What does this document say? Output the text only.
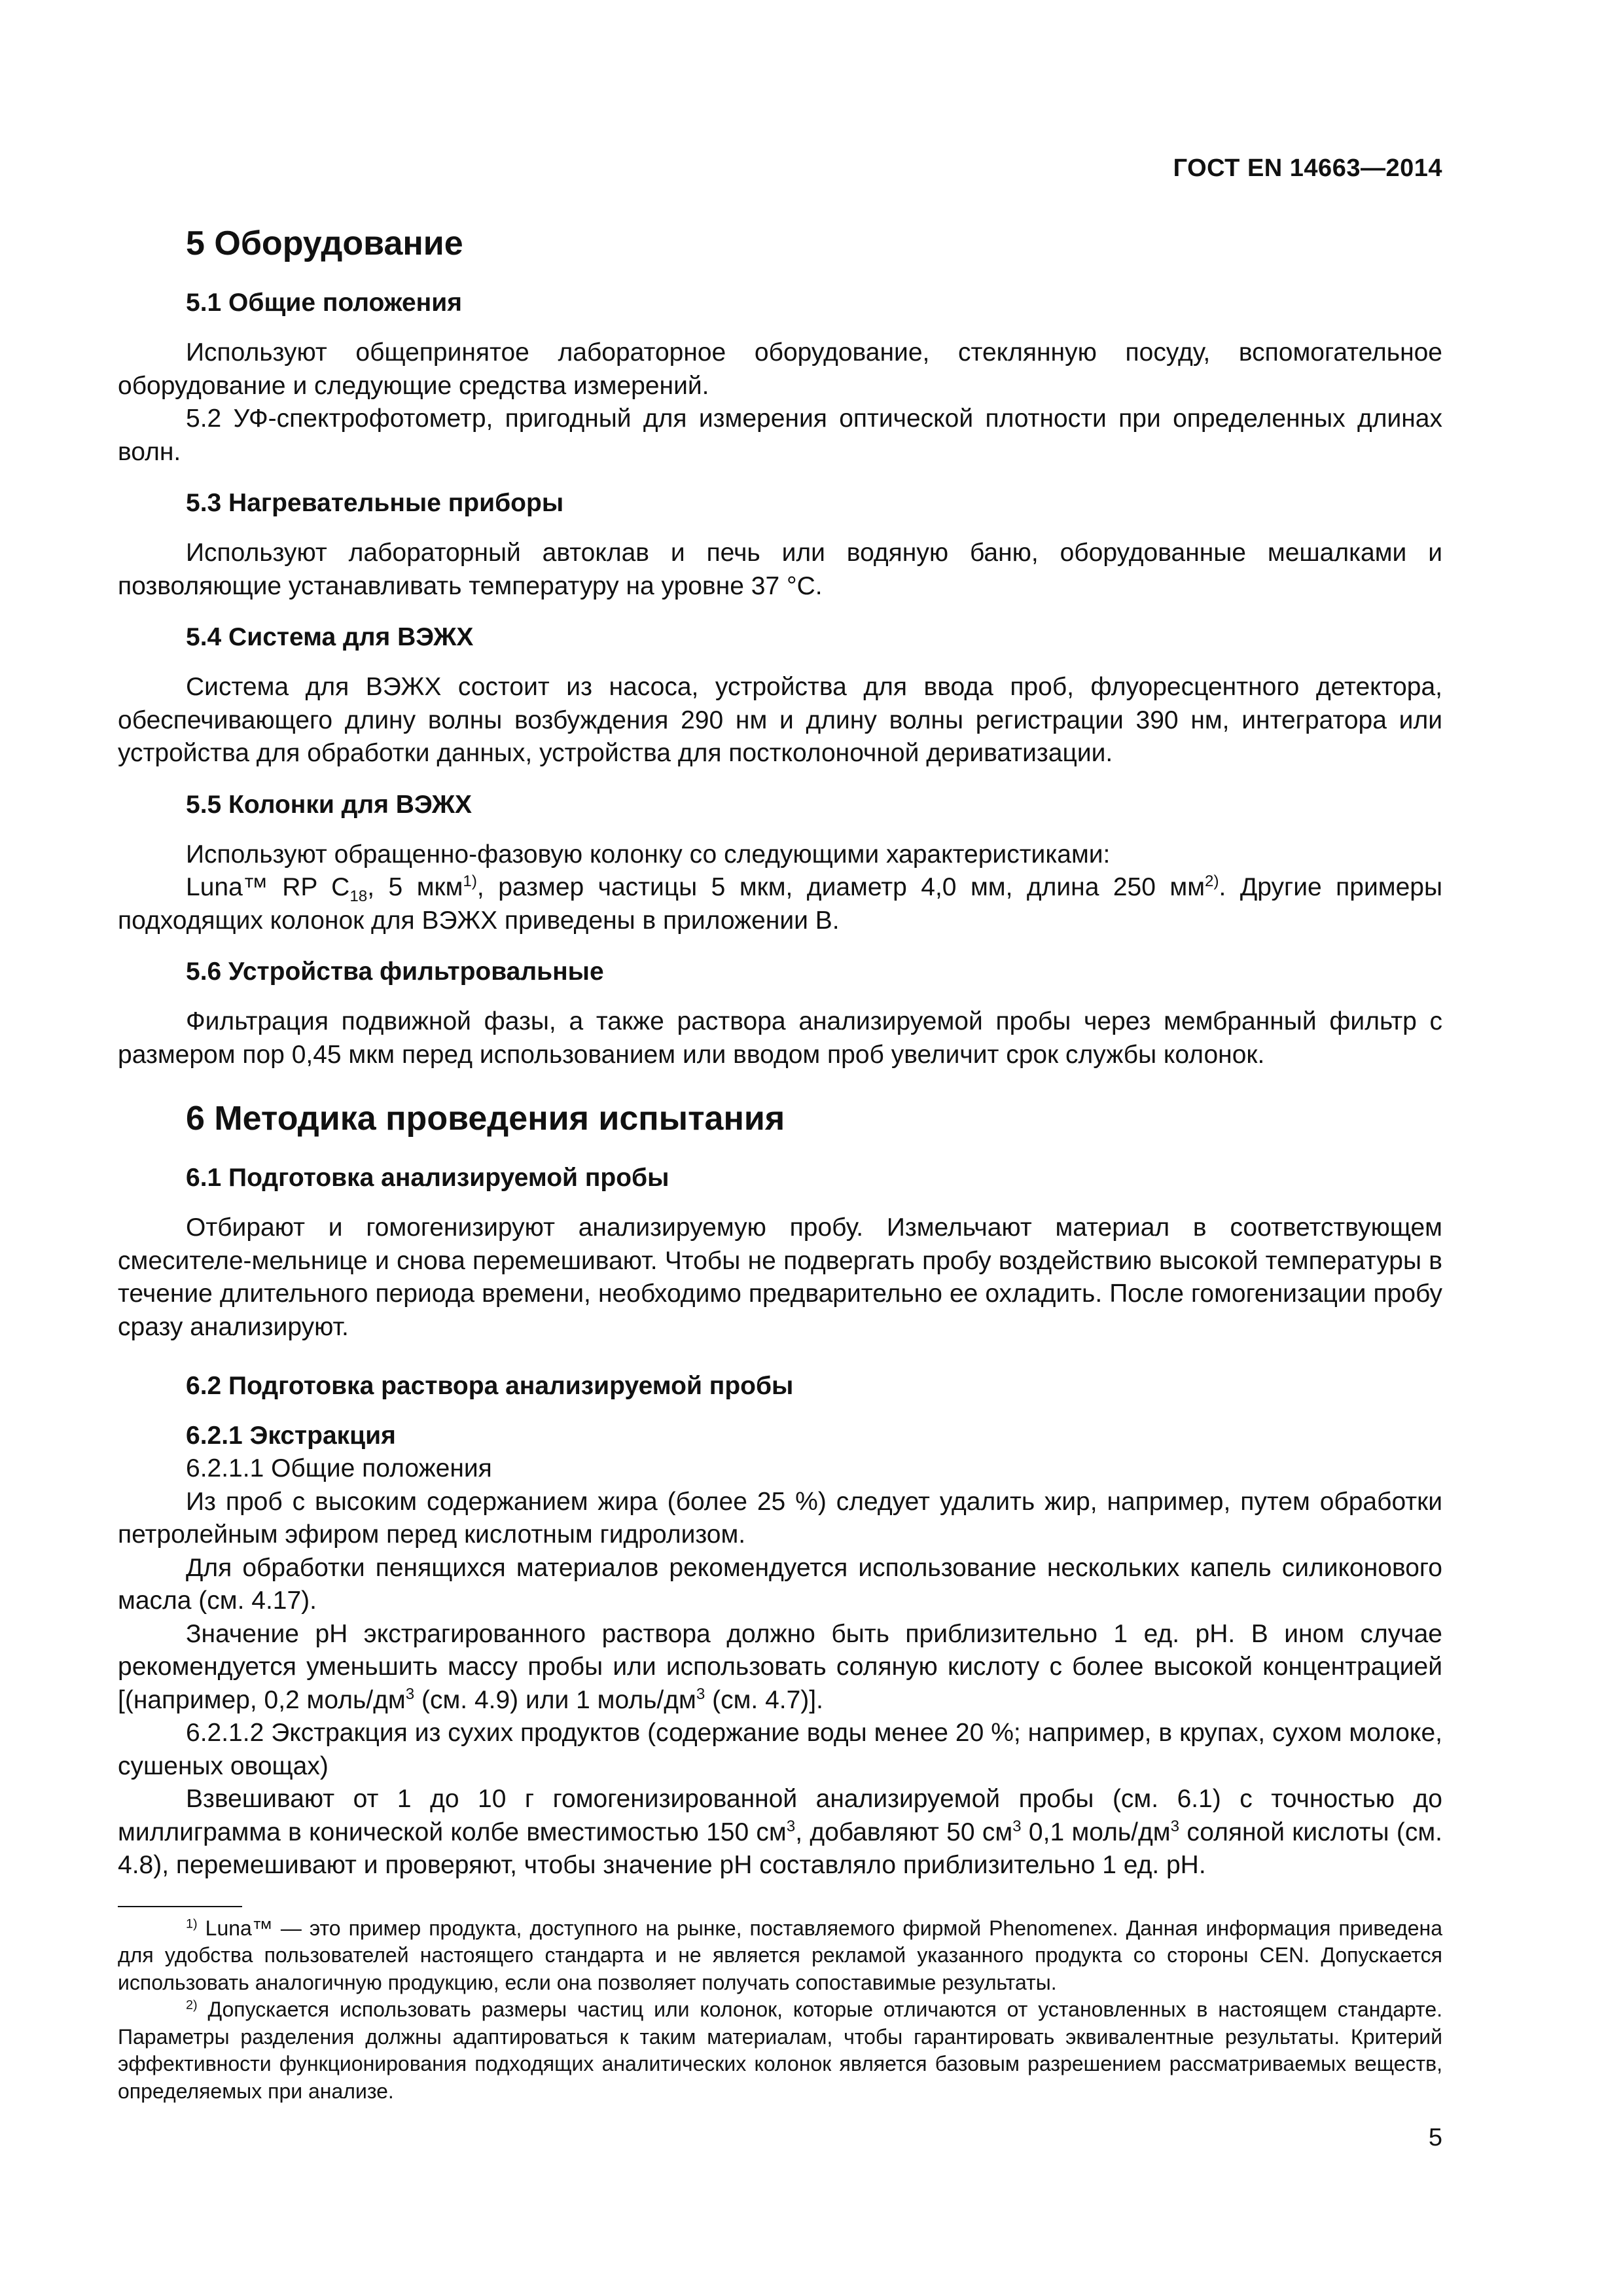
ГОСТ EN 14663—2014
5 Оборудование
5.1 Общие положения

Используют общепринятое лабораторное оборудование, стеклянную посуду, вспомогательное оборудование и следующие средства измерений.

5.2 УФ-спектрофотометр, пригодный для измерения оптической плотности при определенных длинах волн.

5.3 Нагревательные приборы

Используют лабораторный автоклав и печь или водяную баню, оборудованные мешалками и позволяющие устанавливать температуру на уровне 37 °C.

5.4 Система для ВЭЖХ

Система для ВЭЖХ состоит из насоса, устройства для ввода проб, флуоресцентного детектора, обеспечивающего длину волны возбуждения 290 нм и длину волны регистрации 390 нм, интегратора или устройства для обработки данных, устройства для постколоночной дериватизации.

5.5 Колонки для ВЭЖХ

Используют обращенно-фазовую колонку со следующими характеристиками:

Luna™ RP $C_{18}$, 5 мкм$^{1)}$, размер частицы 5 мкм, диаметр 4,0 мм, длина 250 $мм^{2)}$. Другие примеры подходящих колонок для ВЭЖХ приведены в приложении В.

5.6 Устройства фильтровальные

Фильтрация подвижной фазы, а также раствора анализируемой пробы через мембранный фильтр с размером пор 0,45 мкм перед использованием или вводом проб увеличит срок службы колонок.

6 Методика проведения испытания
6.1 Подготовка анализируемой пробы

Отбирают и гомогенизируют анализируемую пробу. Измельчают материал в соответствующем смесителе-мельнице и снова перемешивают. Чтобы не подвергать пробу воздействию высокой температуры в течение длительного периода времени, необходимо предварительно ее охладить. После гомогенизации пробу сразу анализируют.

6.2 Подготовка раствора анализируемой пробы
6.2.1 Экстракция

6.2.1.1 Общие положения

Из проб с высоким содержанием жира (более 25 %) следует удалить жир, например, путем обработки петролейным эфиром перед кислотным гидролизом.

Для обработки пенящихся материалов рекомендуется использование нескольких капель силиконового масла (см. 4.17).

Значение pH экстрагированного раствора должно быть приблизительно 1 ед. pH. В ином случае рекомендуется уменьшить массу пробы или использовать соляную кислоту с более высокой концентрацией [(например, 0,2 моль/$дм^3$ (см. 4.9) или 1 моль/$дм^3$ (см. 4.7)].

6.2.1.2 Экстракция из сухих продуктов (содержание воды менее 20 %; например, в крупах, сухом молоке, сушеных овощах)

Взвешивают от 1 до 10 г гомогенизированной анализируемой пробы (см. 6.1) с точностью до миллиграмма в конической колбе вместимостью 150 $см^3$, добавляют 50 $см^3$ 0,1 моль/$дм^3$ соляной кислоты (см. 4.8), перемешивают и проверяют, чтобы значение pH составляло приблизительно 1 ед. pH.

$^{1)}$ Luna™ — это пример продукта, доступного на рынке, поставляемого фирмой Phenomenex. Данная информация приведена для удобства пользователей настоящего стандарта и не является рекламой указанного продукта со стороны CEN. Допускается использовать аналогичную продукцию, если она позволяет получать сопоставимые результаты.

$^{2)}$ Допускается использовать размеры частиц или колонок, которые отличаются от установленных в настоящем стандарте. Параметры разделения должны адаптироваться к таким материалам, чтобы гарантировать эквивалентные результаты. Критерий эффективности функционирования подходящих аналитических колонок является базовым разрешением рассматриваемых веществ, определяемых при анализе.

5
